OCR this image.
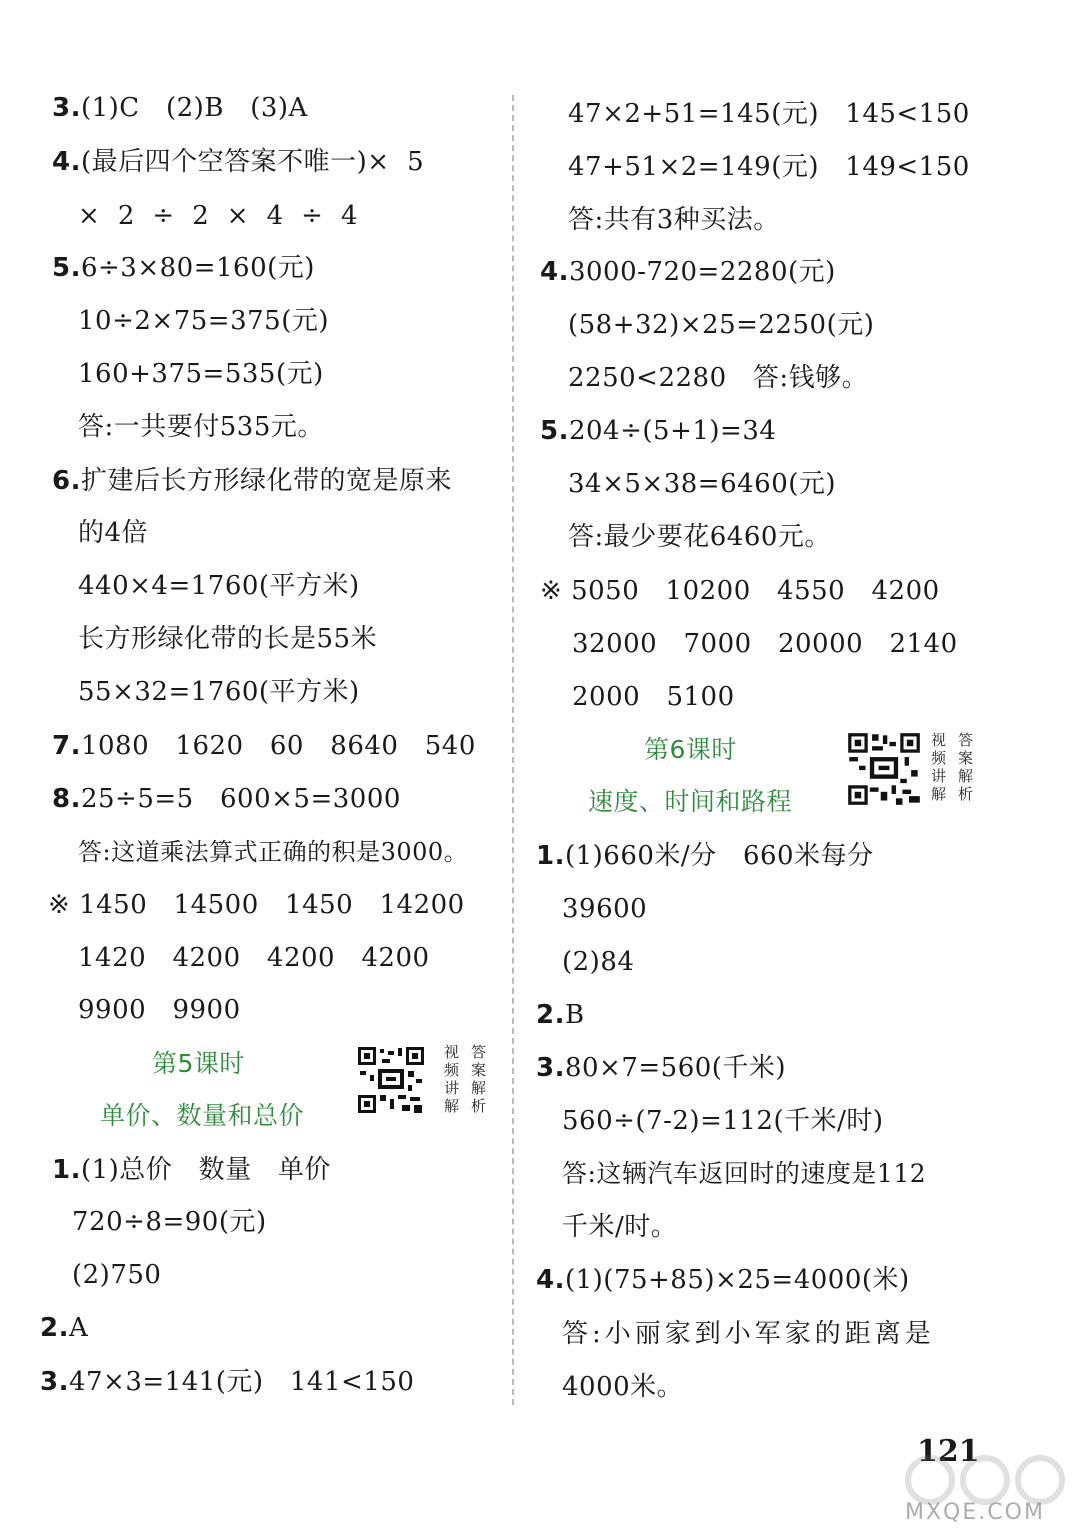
3.(1)C   (2)B   (3)A
4.(最后四个空答案不唯一)×  5
×  2  ÷  2  ×  4  ÷  4
5.6÷3×80=160(元)
10÷2×75=375(元)
160+375=535(元)
答:一共要付535元。
6.扩建后长方形绿化带的宽是原来
的4倍
440×4=1760(平方米)
长方形绿化带的长是55米
55×32=1760(平方米)
7.1080   1620   60   8640   540
8.25÷5=5   600×5=3000
答:这道乘法算式正确的积是3000。
※ 1450   14500   1450   14200
1420   4200   4200   4200
9900   9900
第5课时
单价、数量和总价
视频讲解
答案解析
1.(1)总价   数量   单价
720÷8=90(元)
(2)750
2.A
3.47×3=141(元)   141<150
47×2+51=145(元)   145<150
47+51×2=149(元)   149<150
答:共有3种买法。
4.3000-720=2280(元)
(58+32)×25=2250(元)
2250<2280   答:钱够。
5.204÷(5+1)=34
34×5×38=6460(元)
答:最少要花6460元。
※ 5050   10200   4550   4200
32000   7000   20000   2140
2000   5100
第6课时
速度、时间和路程
视频讲解
答案解析
1.(1)660米/分   660米每分
39600
(2)84
2.B
3.80×7=560(千米)
560÷(7-2)=112(千米/时)
答:这辆汽车返回时的速度是112
千米/时。
4.(1)(75+85)×25=4000(米)
答:小丽家到小军家的距离是
4000米。
121
MXQE.COM
